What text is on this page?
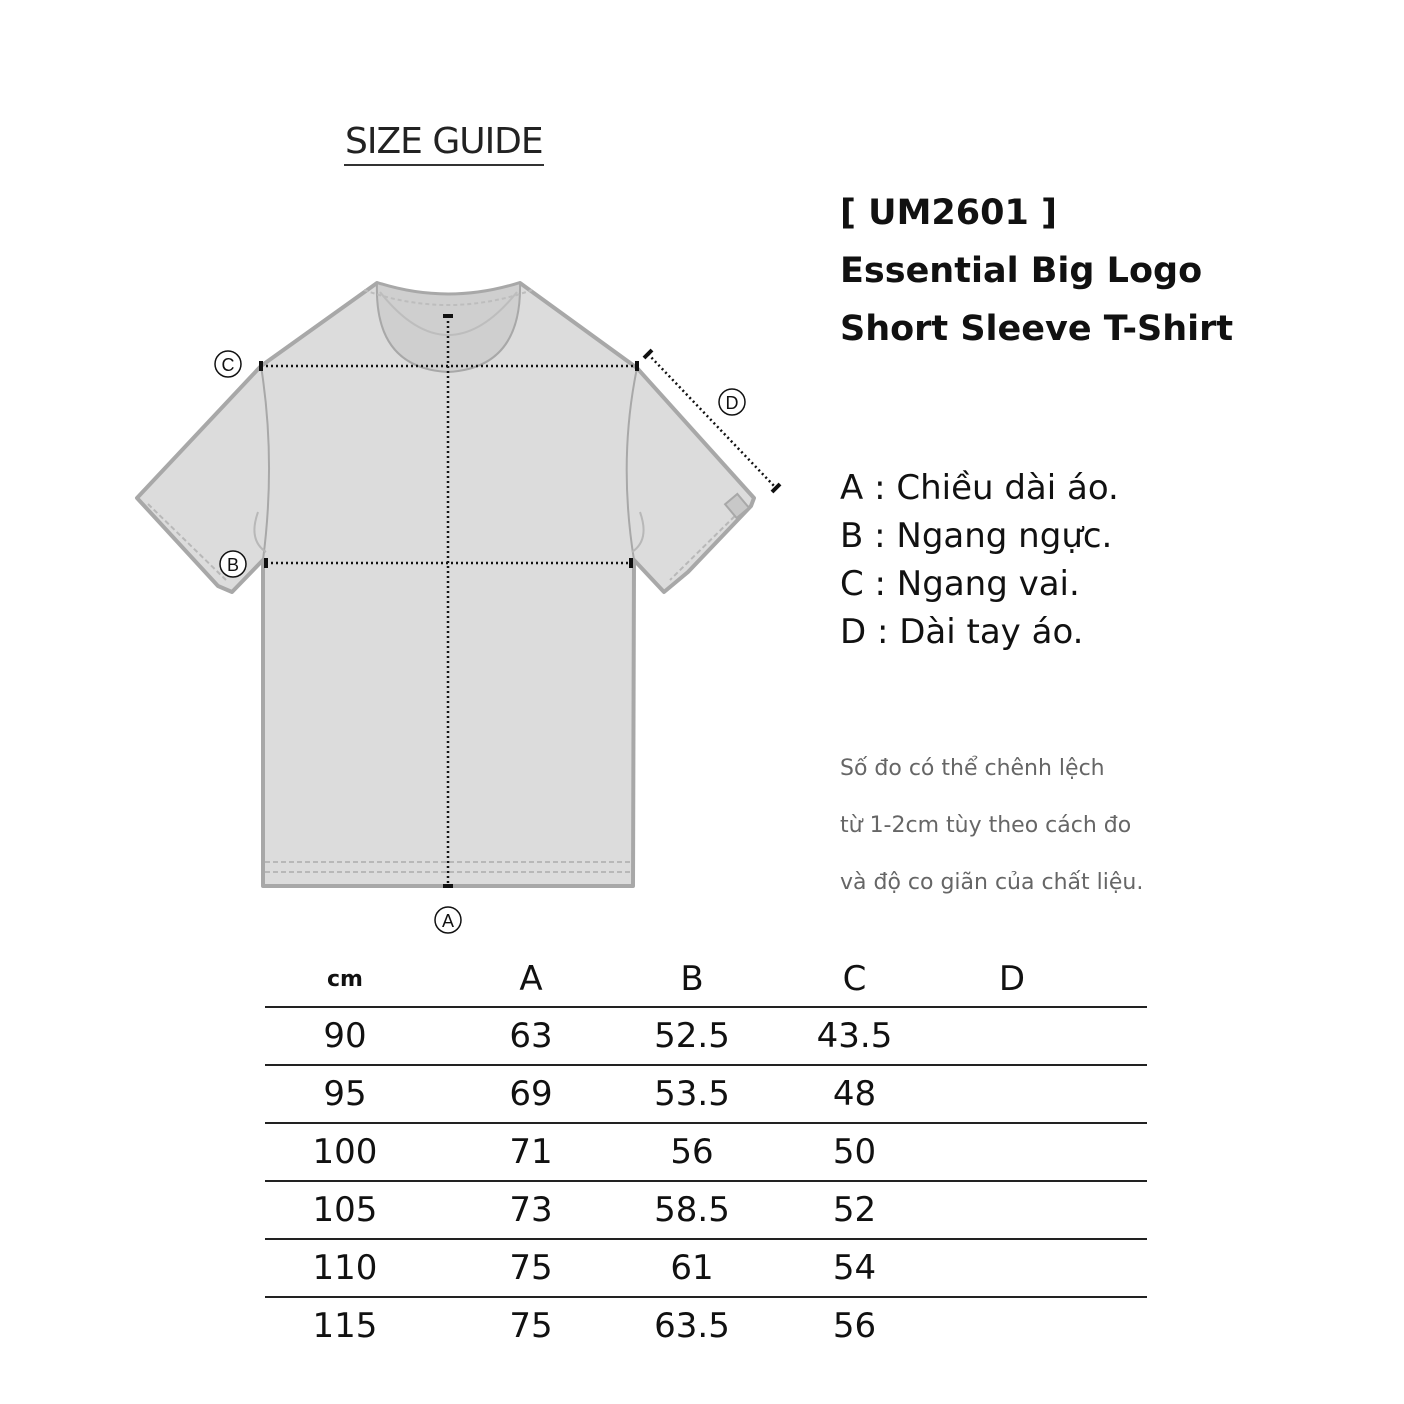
SIZE GUIDE
[ UM2601 ]
Essential Big Logo
Short Sleeve T-Shirt
A
B
C
D
A : Chiều dài áo.
B : Ngang ngực.
C : Ngang vai.
D : Dài tay áo.
Số đo có thể chênh lệch
từ 1-2cm tùy theo cách đo
và độ co giãn của chất liệu.
cm	A	B	C	D	
90	63	52.5	43.5		
95	69	53.5	48		
100	71	56	50		
105	73	58.5	52		
110	75	61	54		
115	75	63.5	56		
